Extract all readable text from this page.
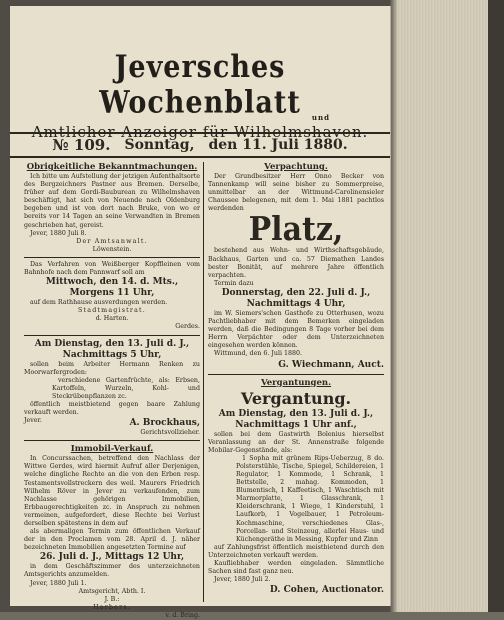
Jeversches Wochenblatt	und
Amtlicher Anzeiger für Wilhelmshaven.
№ 109. Sonntag, den 11. Juli 1880.
Obrigkeitliche Bekanntmachungen.
Ich bitte um Aufstellung der jetzigen Aufenthaltsorte des Bergzeichners Pastner aus Bremen. Derselbe, früher auf dem Gordi-Bauburean zu Wilhelmshaven beschäftigt, hat sich von Neuende nach Oldenburg begeben und ist von dort nach Bruke, von wo er bereits vor 14 Tagen an seine Verwandten in Bremen geschrieben hat, gereist.
Jever, 1880 Juli 8.
Der Amtsanwalt.
Löwenstein.
Das Verfahren von Weißberger Kopffleinen vom Bahnhofe nach dem Pannwarf soll am
Mittwoch, den 14. d. Mts.,
Morgens 11 Uhr,
auf dem Rathhause ausverdungen werden.
Stadtmagistrat.
d. Harten.
Gerdes.
Am Dienstag, den 13. Juli d. J.,
Nachmittags 5 Uhr,
sollen beim Arbeiter Hermann Renken zu Moorwarfergroden:
verschiedene Gartenfrüchte, als: Erbsen, Kartoffeln, Wurzeln, Kohl- und Steckrübenpflanzen zc.
öffentlich meistbietend gegen baare Zahlung verkauft werden.
Jever.	A. Brockhaus,
Gerichtsvollzieher.
Immobil-Verkauf.
In Concurssachen, betreffend den Nachlass der Wittwe Gerdes, wird hiermit Aufruf aller Derjenigen, welche dingliche Rechte an die von den Erben resp. Testamentsvollstreckern des weil. Maurers Friedrich Wilhelm Röver in Jever zu verkaufenden, zum Nachlasse gehörigen Immobilien, Erbbaugerechtigkeiten zc. in Anspruch zu nehmen vermeinen, aufgefordert, diese Rechte bei Verlust derselben spätestens in dem auf
als abermaligen Termin zum öffentlichen Verkauf der in den Proclamen vom 28. April d. J. näher bezeichneten Immobilien angesetzten Termine auf
26. Juli d. J., Mittags 12 Uhr,
in dem Geschäftszimmer des unterzeichneten Amtsgerichts anzumelden.
Jever, 1880 Juli 1.
Amtsgericht, Abth. I.
J. B.:
Harbers.
v. d. Bring.
Verpachtung.
Der Grundbesitzer Herr Onno Becker von Tannenkamp will seine bisher zu Sommerpreise, unmittelbar an der Wittmund-Carolinensieler Chaussee belegenen, mit dem 1. Mai 1881 pachtlos werdenden
Platz,
bestehend aus Wohn- und Wirthschaftsgebäude, Backhaus, Garten und ca. 57 Diemathen Landes bester Bonität, auf mehrere Jahre öffentlich verpachten.
Termin dazu
Donnerstag, den 22. Juli d. J.,
Nachmittags 4 Uhr,
im W. Siemers'schen Gasthofe zu Otterhusen, wozu Pachtliebhaber mit dem Bemerken eingeladen werden, daß die Bedingungen 8 Tage vorher bei dem Herrn Verpächter oder dem Unterzeichneten eingesehen werden können.
Wittmund, den 6. Juli 1880.
G. Wiechmann, Auct.
Vergantungen.
Vergantung.
Am Dienstag, den 13. Juli d. J.,
Nachmittags 1 Uhr anf.,
sollen bei dem Gastwirth Bolenius hierselbst Veranlassung an der St. Annenstraße folgende Mobilar-Gegenstände, als:
1 Sopha mit grünem Rips-Ueberzug, 8 do. Polsterstühle, Tische, Spiegel, Schildereien, 1 Regulator, 1 Kommode, 1 Schrank, 1 Bettstelle, 2 mahag. Kommoden, 1 Blumentisch, 1 Kaffeetisch, 1 Waschtisch mit Marmorplatte, 1 Glasschrank, 1 Kleiderschrank, 1 Wiege, 1 Kinderstuhl, 1 Laufkorb, 1 Vogelbauer, 1 Petroleum-Kochmaschine, verschiedenes Glas-, Porcellan- und Steinzeug, allerlei Haus- und Küchengeräthe in Messing, Kupfer und Zinn
auf Zahlungsfrist öffentlich meistbietend durch den Unterzeichneten verkauft werden.
Kaufliebhaber werden eingeladen. Sämmtliche Sachen sind fast ganz neu.
Jever, 1880 Juli 2.
D. Cohen, Auctionator.
